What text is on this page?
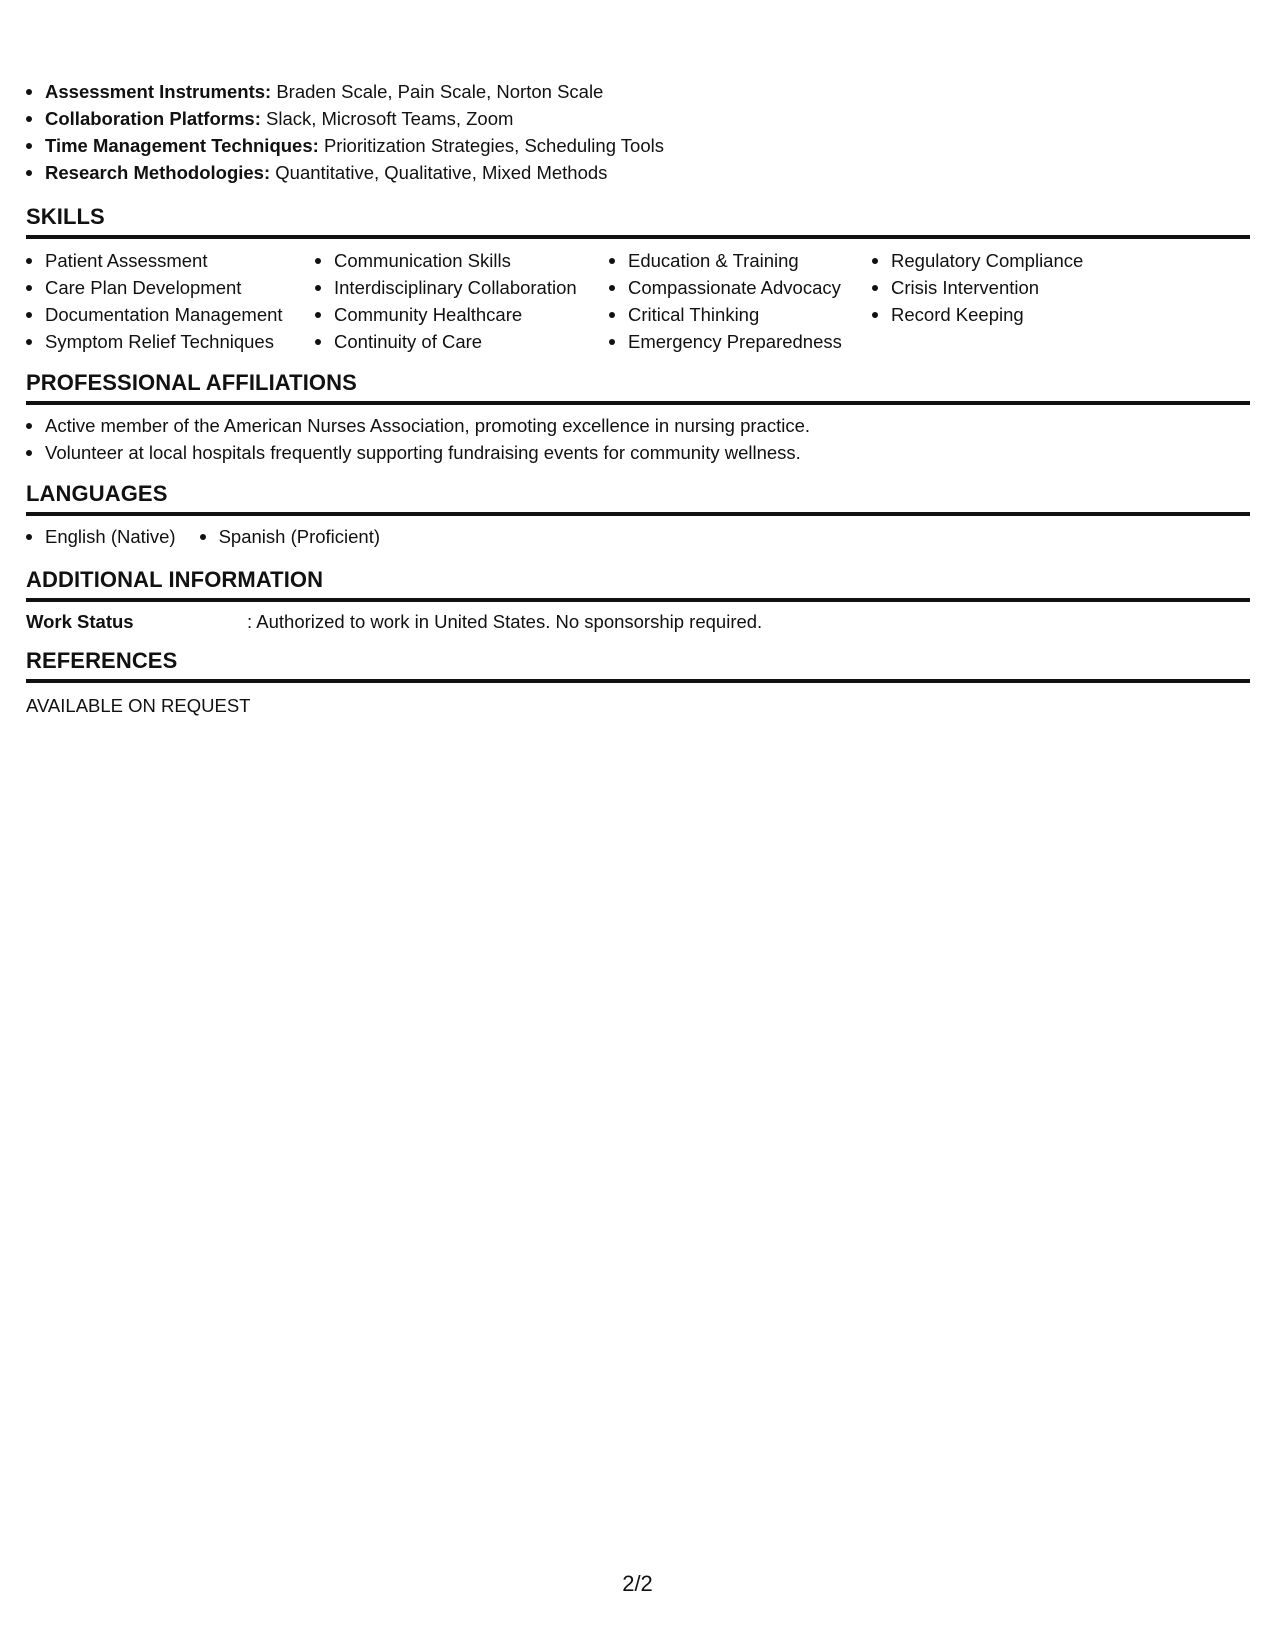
Assessment Instruments: Braden Scale, Pain Scale, Norton Scale
Collaboration Platforms: Slack, Microsoft Teams, Zoom
Time Management Techniques: Prioritization Strategies, Scheduling Tools
Research Methodologies: Quantitative, Qualitative, Mixed Methods
SKILLS
Patient Assessment
Care Plan Development
Documentation Management
Symptom Relief Techniques
Communication Skills
Interdisciplinary Collaboration
Community Healthcare
Continuity of Care
Education & Training
Compassionate Advocacy
Critical Thinking
Emergency Preparedness
Regulatory Compliance
Crisis Intervention
Record Keeping
PROFESSIONAL AFFILIATIONS
Active member of the American Nurses Association, promoting excellence in nursing practice.
Volunteer at local hospitals frequently supporting fundraising events for community wellness.
LANGUAGES
English (Native)	Spanish (Proficient)
ADDITIONAL INFORMATION
Work Status	: Authorized to work in United States. No sponsorship required.
REFERENCES
AVAILABLE ON REQUEST
2/2
